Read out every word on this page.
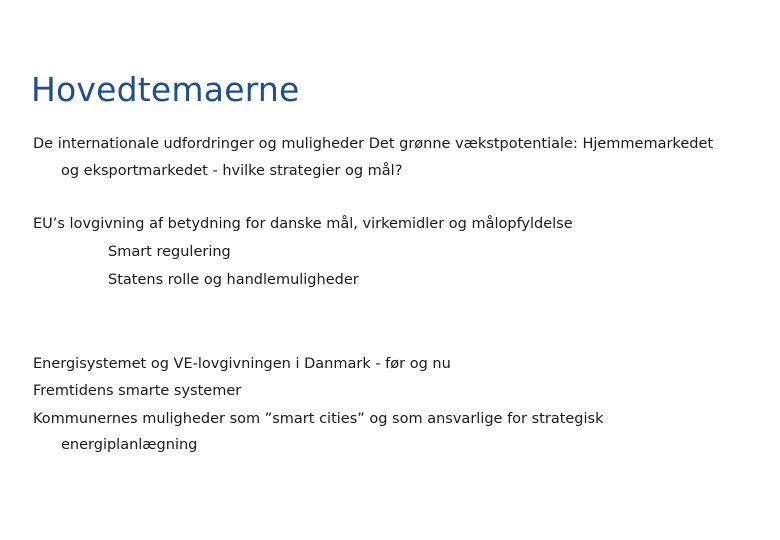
Hovedtemaerne
De internationale udfordringer og muligheder Det grønne vækstpotentiale: Hjemmemarkedet
og eksportmarkedet - hvilke strategier og mål?
EU’s lovgivning af betydning for danske mål, virkemidler og målopfyldelse
Smart regulering
Statens rolle og handlemuligheder
Energisystemet og VE-lovgivningen i Danmark - før og nu
Fremtidens smarte systemer
Kommunernes muligheder som ”smart cities” og som ansvarlige for strategisk
energiplanlægning
